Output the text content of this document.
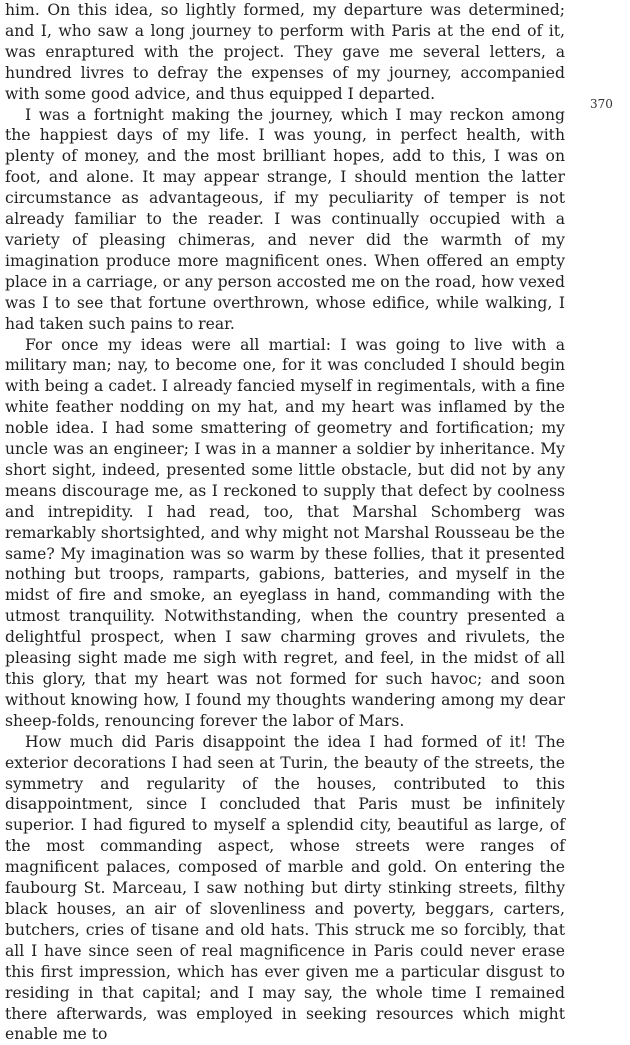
him. On this idea, so lightly formed, my departure was determined; and I, who saw a long journey to perform with Paris at the end of it, was enraptured with the project. They gave me several letters, a hundred livres to defray the expenses of my journey, accompanied with some good advice, and thus equipped I departed.

I was a fortnight making the journey, which I may reckon among the happiest days of my life. I was young, in perfect health, with plenty of money, and the most brilliant hopes, add to this, I was on foot, and alone. It may appear strange, I should mention the latter circumstance as advantageous, if my peculiarity of temper is not already familiar to the reader. I was continually occupied with a variety of pleasing chimeras, and never did the warmth of my imagination produce more magnificent ones. When offered an empty place in a carriage, or any person accosted me on the road, how vexed was I to see that fortune overthrown, whose edifice, while walking, I had taken such pains to rear.

For once my ideas were all martial: I was going to live with a military man; nay, to become one, for it was concluded I should begin with being a cadet. I already fancied myself in regimentals, with a fine white feather nodding on my hat, and my heart was inflamed by the noble idea. I had some smattering of geometry and fortification; my uncle was an engineer; I was in a manner a soldier by inheritance. My short sight, indeed, presented some little obstacle, but did not by any means discourage me, as I reckoned to supply that defect by coolness and intrepidity. I had read, too, that Marshal Schomberg was remarkably shortsighted, and why might not Marshal Rousseau be the same? My imagination was so warm by these follies, that it presented nothing but troops, ramparts, gabions, batteries, and myself in the midst of fire and smoke, an eyeglass in hand, commanding with the utmost tranquility. Notwithstanding, when the country presented a delightful prospect, when I saw charming groves and rivulets, the pleasing sight made me sigh with regret, and feel, in the midst of all this glory, that my heart was not formed for such havoc; and soon without knowing how, I found my thoughts wandering among my dear sheep-folds, renouncing forever the labor of Mars.

How much did Paris disappoint the idea I had formed of it! The exterior decorations I had seen at Turin, the beauty of the streets, the symmetry and regularity of the houses, contributed to this disappointment, since I concluded that Paris must be infinitely superior. I had figured to myself a splendid city, beautiful as large, of the most commanding aspect, whose streets were ranges of magnificent palaces, composed of marble and gold. On entering the faubourg St. Marceau, I saw nothing but dirty stinking streets, filthy black houses, an air of slovenliness and poverty, beggars, carters, butchers, cries of tisane and old hats. This struck me so forcibly, that all I have since seen of real magnificence in Paris could never erase this first impression, which has ever given me a particular disgust to residing in that capital; and I may say, the whole time I remained there afterwards, was employed in seeking resources which might enable me to

370
